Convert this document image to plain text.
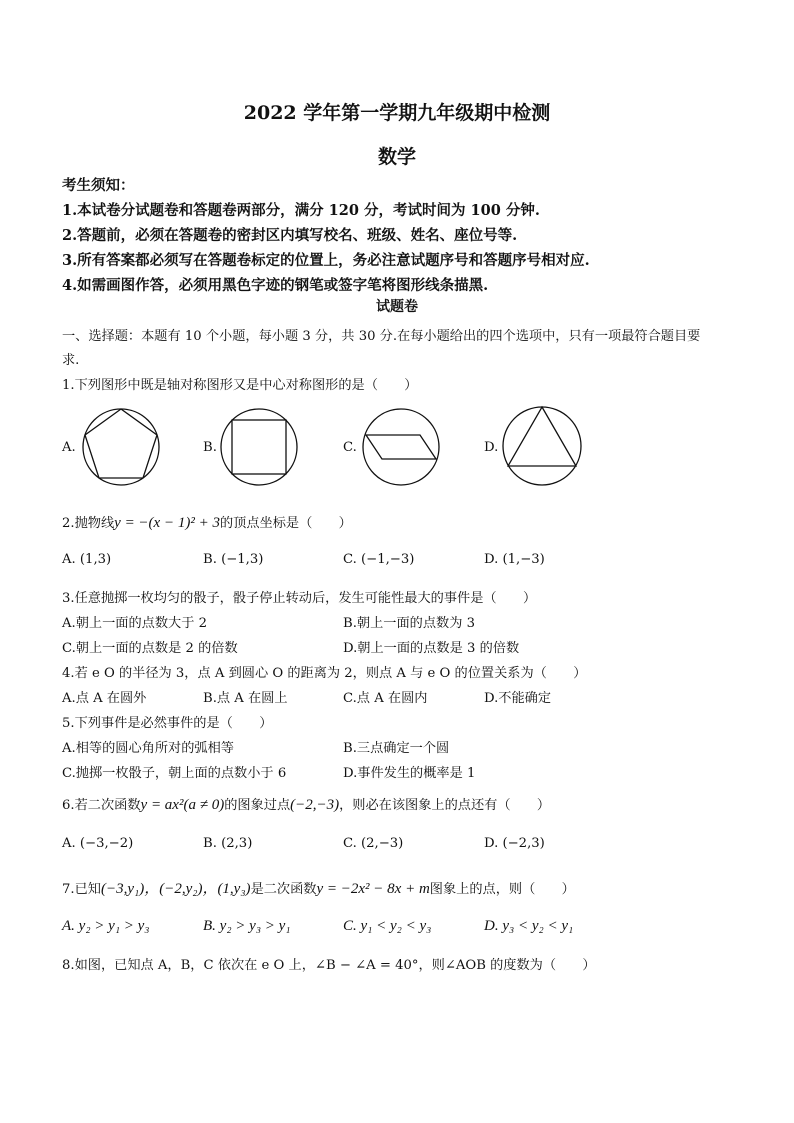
2022 学年第一学期九年级期中检测
数学
考生须知：
1.本试卷分试题卷和答题卷两部分，满分 120 分，考试时间为 100 分钟.
2.答题前，必须在答题卷的密封区内填写校名、班级、姓名、座位号等.
3.所有答案都必须写在答题卷标定的位置上，务必注意试题序号和答题序号相对应.
4.如需画图作答，必须用黑色字迹的钢笔或签字笔将图形线条描黑.
试题卷
一、选择题：本题有 10 个小题，每小题 3 分，共 30 分.在每小题给出的四个选项中，只有一项最符合题目要
求.
1.下列图形中既是轴对称图形又是中心对称图形的是（　　）
A.	B.	C.	D.
2.抛物线y = −(x − 1)² + 3的顶点坐标是（　　）
A. (1,3)	B. (−1,3)	C. (−1,−3)	D. (1,−3)
3.任意抛掷一枚均匀的骰子，骰子停止转动后，发生可能性最大的事件是（　　）
A.朝上一面的点数大于 2	B.朝上一面的点数为 3
C.朝上一面的点数是 2 的倍数	D.朝上一面的点数是 3 的倍数
4.若 e O 的半径为 3，点 A 到圆心 O 的距离为 2，则点 A 与 e O 的位置关系为（　　）
A.点 A 在圆外	B.点 A 在圆上	C.点 A 在圆内	D.不能确定
5.下列事件是必然事件的是（　　）
A.相等的圆心角所对的弧相等	B.三点确定一个圆
C.抛掷一枚骰子，朝上面的点数小于 6	D.事件发生的概率是 1
6.若二次函数y = ax²(a ≠ 0)的图象过点(−2,−3)，则必在该图象上的点还有（　　）
A. (−3,−2)	B. (2,3)	C. (2,−3)	D. (−2,3)
7.已知(−3,y₁)，(−2,y₂)，(1,y₃)是二次函数y = −2x² − 8x + m图象上的点，则（　　）
A. y₂ > y₁ > y₃	B. y₂ > y₃ > y₁	C. y₁ < y₂ < y₃	D. y₃ < y₂ < y₁
8.如图，已知点 A，B，C 依次在 e O 上，∠B − ∠A = 40°，则∠AOB 的度数为（　　）
